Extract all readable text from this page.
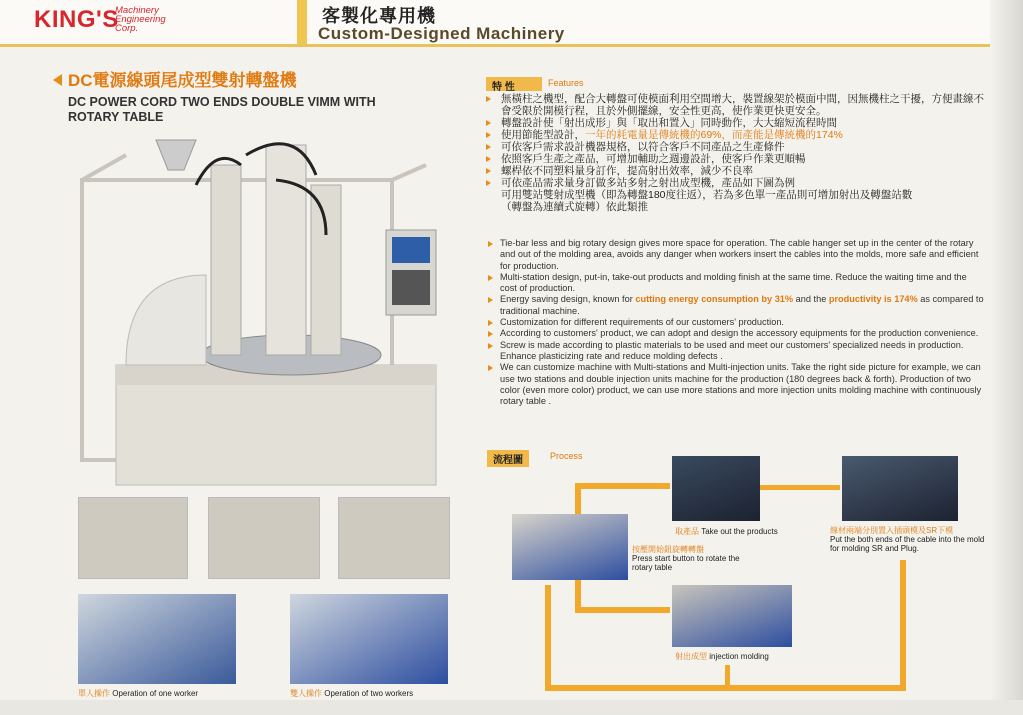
KING'S
Machinery
Engineering
Corp.
客製化專用機
Custom-Designed Machinery
DC電源線頭尾成型雙射轉盤機
DC POWER CORD TWO ENDS DOUBLE VIMM WITH ROTARY TABLE
特 性	Features
無橫柱之機型，配合大轉盤可使模面利用空間增大，裝置線架於模面中間，因無機柱之干擾，方便畫線不會受限於開模行程，且於外側擺線，安全性更高，使作業更快更安全。
轉盤設計使「射出成形」與「取出和置入」同時動作，大大縮短流程時間
使用節能型設計，一年的耗電量是傳統機的69%，而產能是傳統機的174%
可依客戶需求設計機器規格，以符合客戶不同產品之生產條件
依照客戶生產之產品，可增加輔助之週邊設計，使客戶作業更順暢
螺桿依不同塑料量身訂作，提高射出效率，減少不良率
可依產品需求量身訂做多站多射之射出成型機，產品如下圖為例
可用雙站雙射成型機（即為轉盤180度往返），若為多色單一產品則可增加射出及轉盤站數
（轉盤為連續式旋轉）依此類推
Tie-bar less and big rotary design gives more space for operation. The cable hanger set up in the center of the rotary and out of the molding area, avoids any danger when workers insert the cables into the molds, more safe and efficient for production.
Multi-station design, put-in, take-out products and molding finish at the same time. Reduce the waiting time and the cost of production.
Energy saving design, known for cutting energy consumption by 31% and the productivity is 174% as compared to traditional machine.
Customization for different requirements of our customers' production.
According to customers' product, we can adopt and design the accessory equipments for the production convenience.
Screw is made according to plastic materials to be used and meet our customers' specialized needs in production. Enhance plasticizing rate and reduce molding defects .
We can customize machine with Multi-stations and Multi-injection units. Take the right side picture for example, we can use two stations and double injection units machine for the production (180 degrees back & forth). Production of two color (even more color) product, we can use more stations and more injection units molding machine with continuously rotary table .
流程圖	Process
取產品 Take out the products	線材兩端分別置入插頭模及SR下模
Put the both ends of the cable into the mold for molding SR and Plug.
按壓開始鈕旋轉轉盤
Press start button to rotate the rotary table
射出成型 injection molding
單人操作 Operation of one worker	雙人操作 Operation of two workers
